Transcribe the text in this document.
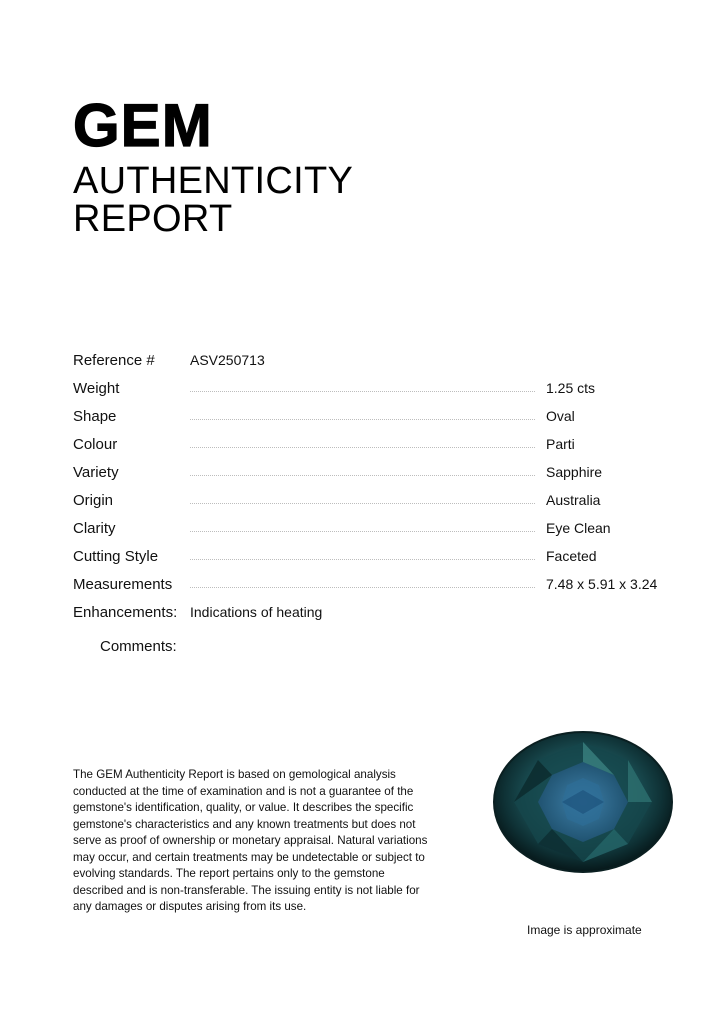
GEM
AUTHENTICITY
REPORT
Reference #	ASV250713
Weight	1.25 cts
Shape	Oval
Colour	Parti
Variety	Sapphire
Origin	Australia
Clarity	Eye Clean
Cutting Style	Faceted
Measurements	7.48 x 5.91 x 3.24
Enhancements: Indications of heating
Comments:
The GEM Authenticity Report is based on gemological analysis conducted at the time of examination and is not a guarantee of the gemstone's identification, quality, or value. It describes the specific gemstone's characteristics and any known treatments but does not serve as proof of ownership or monetary appraisal. Natural variations may occur, and certain treatments may be undetectable or subject to evolving standards. The report pertains only to the gemstone described and is non-transferable. The issuing entity is not liable for any damages or disputes arising from its use.
Image is approximate
